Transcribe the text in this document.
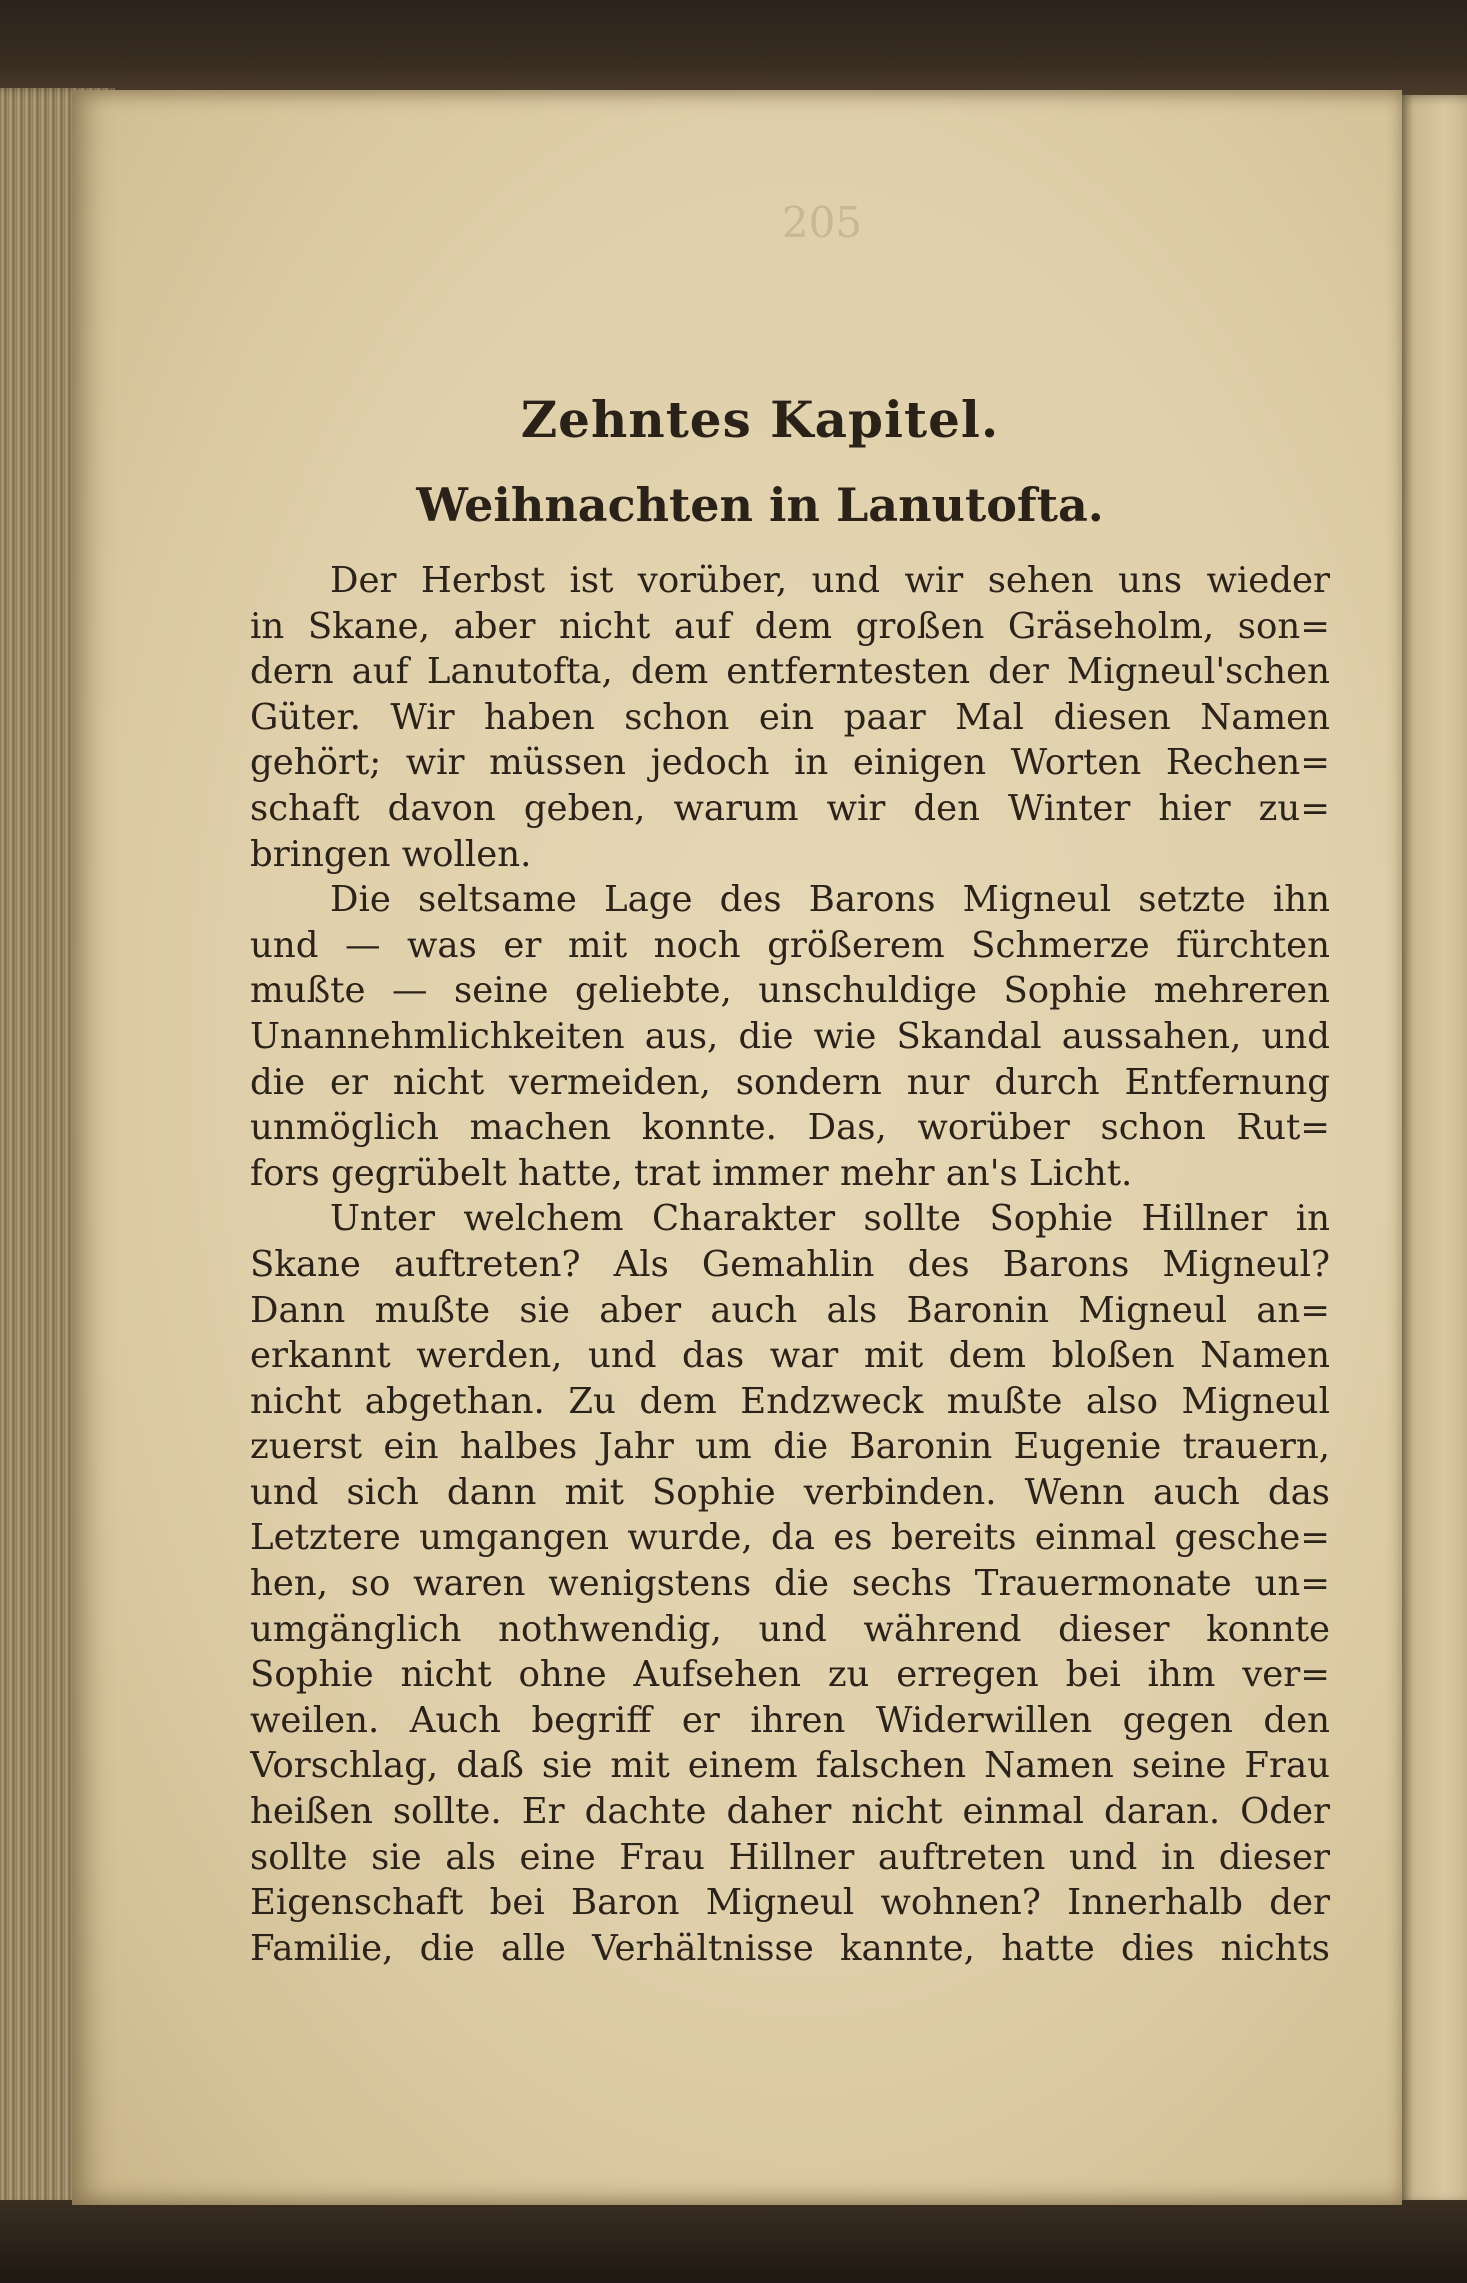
205
Zehntes Kapitel.
Weihnachten in Lanutofta.
Der Herbst ist vorüber, und wir sehen uns wieder
in Skane, aber nicht auf dem großen Gräseholm, son=
dern auf Lanutofta, dem entferntesten der Migneul'schen
Güter. Wir haben schon ein paar Mal diesen Namen
gehört; wir müssen jedoch in einigen Worten Rechen=
schaft davon geben, warum wir den Winter hier zu=
bringen wollen.
Die seltsame Lage des Barons Migneul setzte ihn
und — was er mit noch größerem Schmerze fürchten
mußte — seine geliebte, unschuldige Sophie mehreren
Unannehmlichkeiten aus, die wie Skandal aussahen, und
die er nicht vermeiden, sondern nur durch Entfernung
unmöglich machen konnte. Das, worüber schon Rut=
fors gegrübelt hatte, trat immer mehr an's Licht.
Unter welchem Charakter sollte Sophie Hillner in
Skane auftreten? Als Gemahlin des Barons Migneul?
Dann mußte sie aber auch als Baronin Migneul an=
erkannt werden, und das war mit dem bloßen Namen
nicht abgethan. Zu dem Endzweck mußte also Migneul
zuerst ein halbes Jahr um die Baronin Eugenie trauern,
und sich dann mit Sophie verbinden. Wenn auch das
Letztere umgangen wurde, da es bereits einmal gesche=
hen, so waren wenigstens die sechs Trauermonate un=
umgänglich nothwendig, und während dieser konnte
Sophie nicht ohne Aufsehen zu erregen bei ihm ver=
weilen. Auch begriff er ihren Widerwillen gegen den
Vorschlag, daß sie mit einem falschen Namen seine Frau
heißen sollte. Er dachte daher nicht einmal daran. Oder
sollte sie als eine Frau Hillner auftreten und in dieser
Eigenschaft bei Baron Migneul wohnen? Innerhalb der
Familie, die alle Verhältnisse kannte, hatte dies nichts
